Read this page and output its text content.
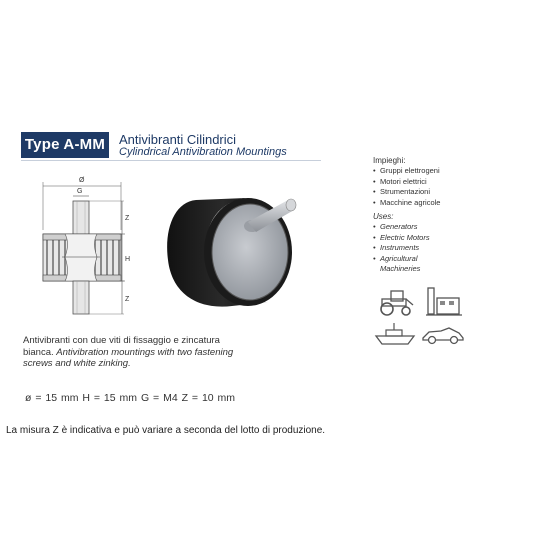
Type A-MM	Antivibranti Cilindrici
Cylindrical Antivibration Mountings
Ø
G
Z
H
Z
Impieghi:
• Gruppi elettrogeni
• Motori elettrici
• Strumentazioni
• Macchine agricole
Uses:
• Generators
• Electric Motors
• Instruments
• Agricultural
Machineries
Antivibranti con due viti di fissaggio e zincatura
bianca. Antivibration mountings with two fastening
screws and white zinking.
ø = 15 mm H = 15 mm G = M4 Z = 10 mm
La misura Z è indicativa e può variare a seconda del lotto di produzione.
